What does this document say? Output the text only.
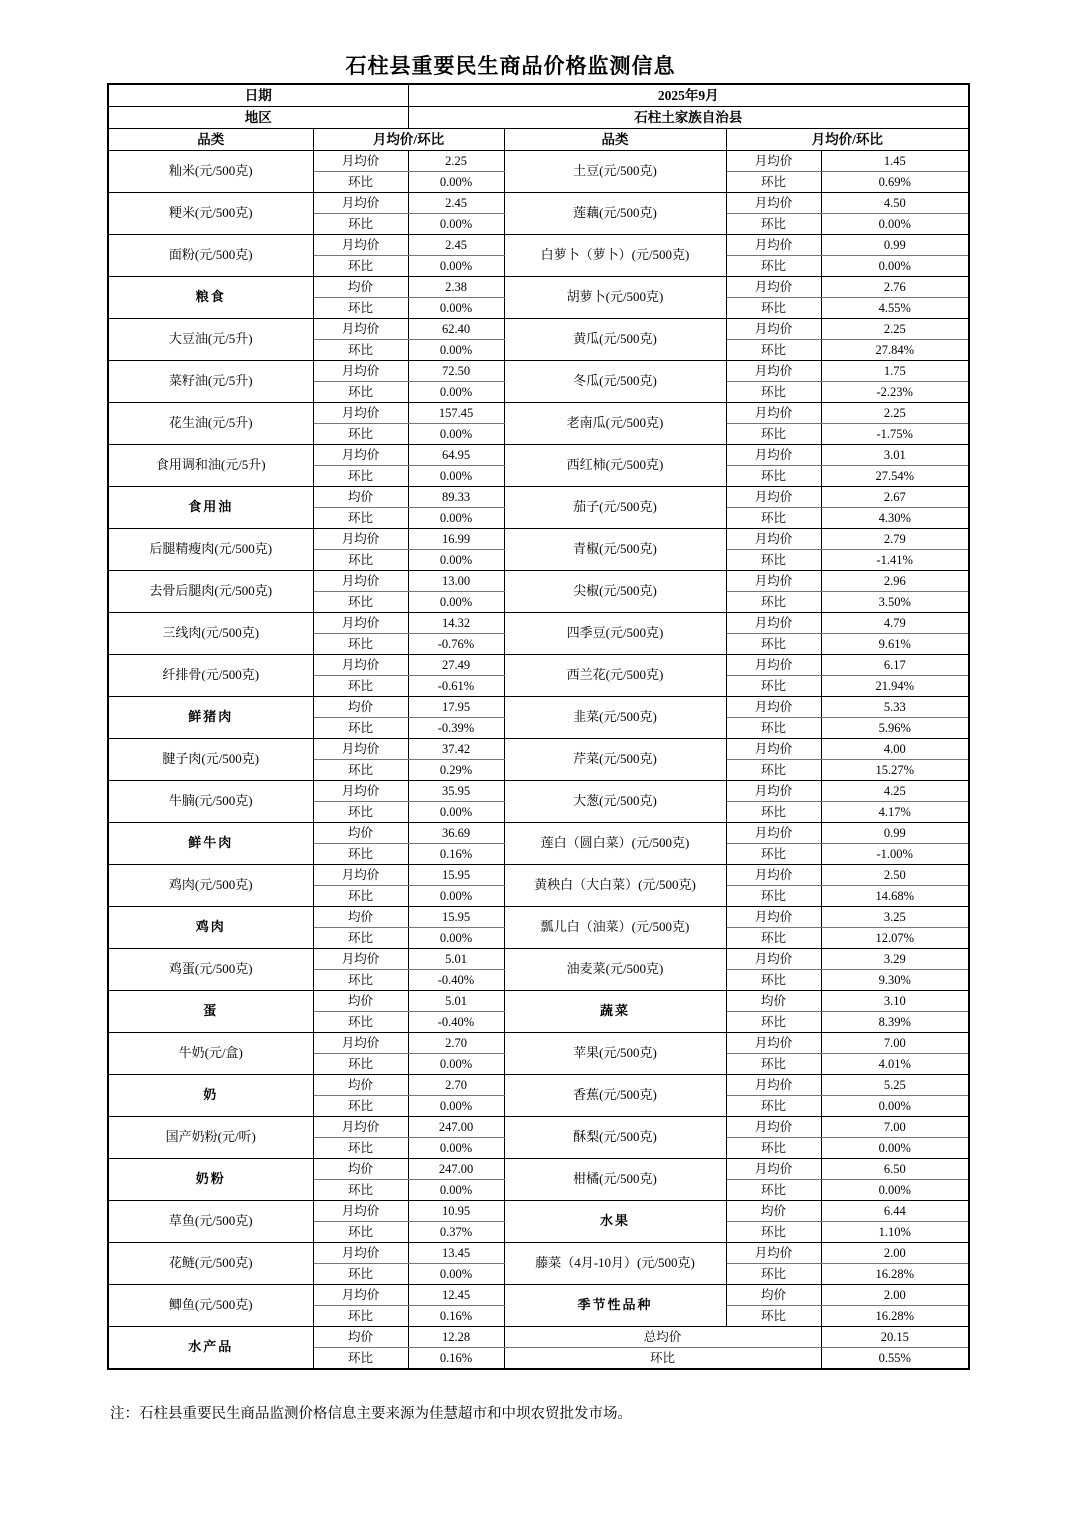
石柱县重要民生商品价格监测信息
日期		2025年9月			
地区		石柱土家族自治县			
品类	月均价/环比		品类	月均价/环比	
籼米(元/500克)	月均价	2.25	土豆(元/500克)	月均价	1.45
	环比	0.00%		环比	0.69%
粳米(元/500克)	月均价	2.45	莲藕(元/500克)	月均价	4.50
	环比	0.00%		环比	0.00%
面粉(元/500克)	月均价	2.45	白萝卜（萝卜）(元/500克)	月均价	0.99
	环比	0.00%		环比	0.00%
粮食	均价	2.38	胡萝卜(元/500克)	月均价	2.76
	环比	0.00%		环比	4.55%
大豆油(元/5升)	月均价	62.40	黄瓜(元/500克)	月均价	2.25
	环比	0.00%		环比	27.84%
菜籽油(元/5升)	月均价	72.50	冬瓜(元/500克)	月均价	1.75
	环比	0.00%		环比	-2.23%
花生油(元/5升)	月均价	157.45	老南瓜(元/500克)	月均价	2.25
	环比	0.00%		环比	-1.75%
食用调和油(元/5升)	月均价	64.95	西红柿(元/500克)	月均价	3.01
	环比	0.00%		环比	27.54%
食用油	均价	89.33	茄子(元/500克)	月均价	2.67
	环比	0.00%		环比	4.30%
后腿精瘦肉(元/500克)	月均价	16.99	青椒(元/500克)	月均价	2.79
	环比	0.00%		环比	-1.41%
去骨后腿肉(元/500克)	月均价	13.00	尖椒(元/500克)	月均价	2.96
	环比	0.00%		环比	3.50%
三线肉(元/500克)	月均价	14.32	四季豆(元/500克)	月均价	4.79
	环比	-0.76%		环比	9.61%
纤排骨(元/500克)	月均价	27.49	西兰花(元/500克)	月均价	6.17
	环比	-0.61%		环比	21.94%
鲜猪肉	均价	17.95	韭菜(元/500克)	月均价	5.33
	环比	-0.39%		环比	5.96%
腱子肉(元/500克)	月均价	37.42	芹菜(元/500克)	月均价	4.00
	环比	0.29%		环比	15.27%
牛腩(元/500克)	月均价	35.95	大葱(元/500克)	月均价	4.25
	环比	0.00%		环比	4.17%
鲜牛肉	均价	36.69	莲白（圆白菜）(元/500克)	月均价	0.99
	环比	0.16%		环比	-1.00%
鸡肉(元/500克)	月均价	15.95	黄秧白（大白菜）(元/500克)	月均价	2.50
	环比	0.00%		环比	14.68%
鸡肉	均价	15.95	瓢儿白（油菜）(元/500克)	月均价	3.25
	环比	0.00%		环比	12.07%
鸡蛋(元/500克)	月均价	5.01	油麦菜(元/500克)	月均价	3.29
	环比	-0.40%		环比	9.30%
蛋	均价	5.01	蔬菜	均价	3.10
	环比	-0.40%		环比	8.39%
牛奶(元/盒)	月均价	2.70	苹果(元/500克)	月均价	7.00
	环比	0.00%		环比	4.01%
奶	均价	2.70	香蕉(元/500克)	月均价	5.25
	环比	0.00%		环比	0.00%
国产奶粉(元/听)	月均价	247.00	酥梨(元/500克)	月均价	7.00
	环比	0.00%		环比	0.00%
奶粉	均价	247.00	柑橘(元/500克)	月均价	6.50
	环比	0.00%		环比	0.00%
草鱼(元/500克)	月均价	10.95	水果	均价	6.44
	环比	0.37%		环比	1.10%
花鲢(元/500克)	月均价	13.45	藤菜（4月-10月）(元/500克)	月均价	2.00
	环比	0.00%		环比	16.28%
鲫鱼(元/500克)	月均价	12.45	季节性品种	均价	2.00
	环比	0.16%		环比	16.28%
水产品	均价	12.28	总均价		20.15
	环比	0.16%	环比		0.55%

注：石柱县重要民生商品监测价格信息主要来源为佳慧超市和中坝农贸批发市场。
